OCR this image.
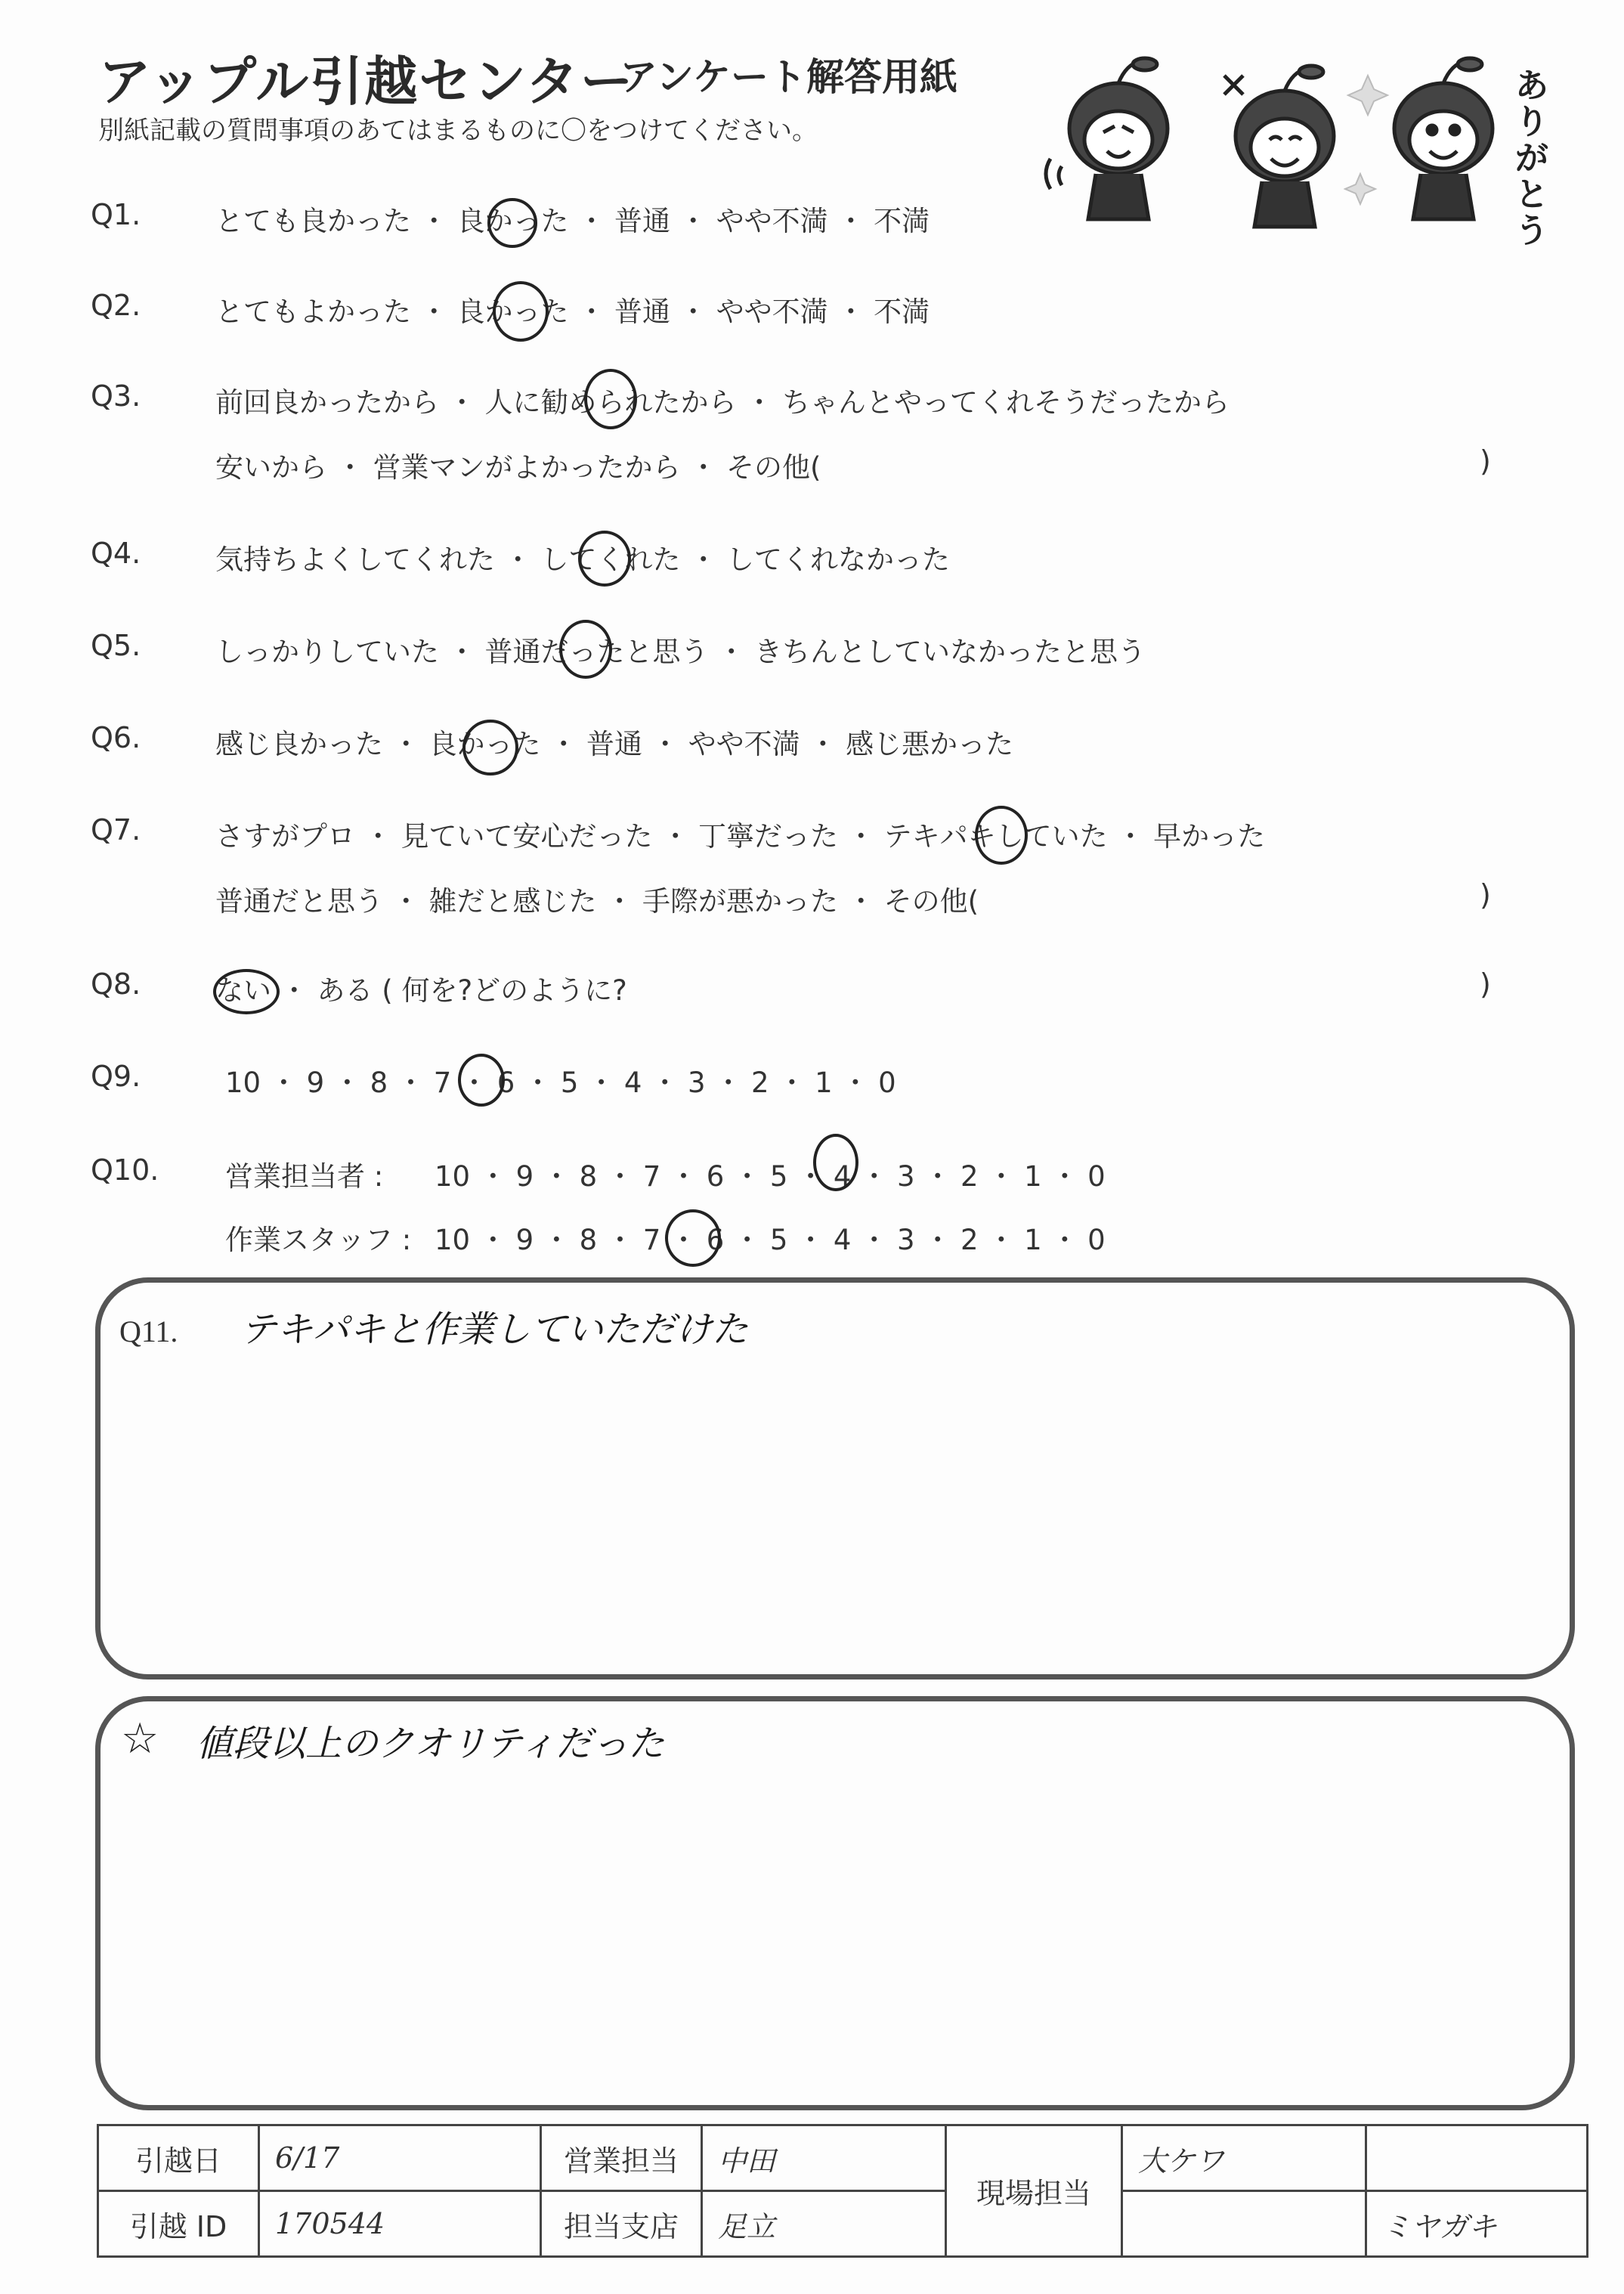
アップル引越センター
アンケート解答用紙
別紙記載の質問事項のあてはまるものに〇をつけてください。
ありがとう
Q1.	とても良かった ・ 良かった ・ 普通 ・ やや不満 ・ 不満
Q2.	とてもよかった ・ 良かった ・ 普通 ・ やや不満 ・ 不満
Q3.	前回良かったから ・ 人に勧められたから ・ ちゃんとやってくれそうだったから
安いから ・ 営業マンがよかったから ・ その他(	)
Q4.	気持ちよくしてくれた ・ してくれた ・ してくれなかった
Q5.	しっかりしていた ・ 普通だったと思う ・ きちんとしていなかったと思う
Q6.	感じ良かった ・ 良かった ・ 普通 ・ やや不満 ・ 感じ悪かった
Q7.	さすがプロ ・ 見ていて安心だった ・ 丁寧だった ・ テキパキしていた ・ 早かった
普通だと思う ・ 雑だと感じた ・ 手際が悪かった ・ その他(	)
Q8.	ない ・ ある ( 何を?どのように?	)
Q9.	10 ・ 9 ・ 8 ・ 7 ・ 6 ・ 5 ・ 4 ・ 3 ・ 2 ・ 1 ・ 0
Q10. 営業担当者 : 10 ・ 9 ・ 8 ・ 7 ・ 6 ・ 5 ・ 4 ・ 3 ・ 2 ・ 1 ・ 0
作業スタッフ : 10 ・ 9 ・ 8 ・ 7 ・ 6 ・ 5 ・ 4 ・ 3 ・ 2 ・ 1 ・ 0
Q11. テキパキと作業していただけた
☆ 値段以上のクオリティだった
引越日	6/17	営業担当	中田	現場担当	大ケワ	
引越 ID	170544	担当支店	足立			ミヤガキ
